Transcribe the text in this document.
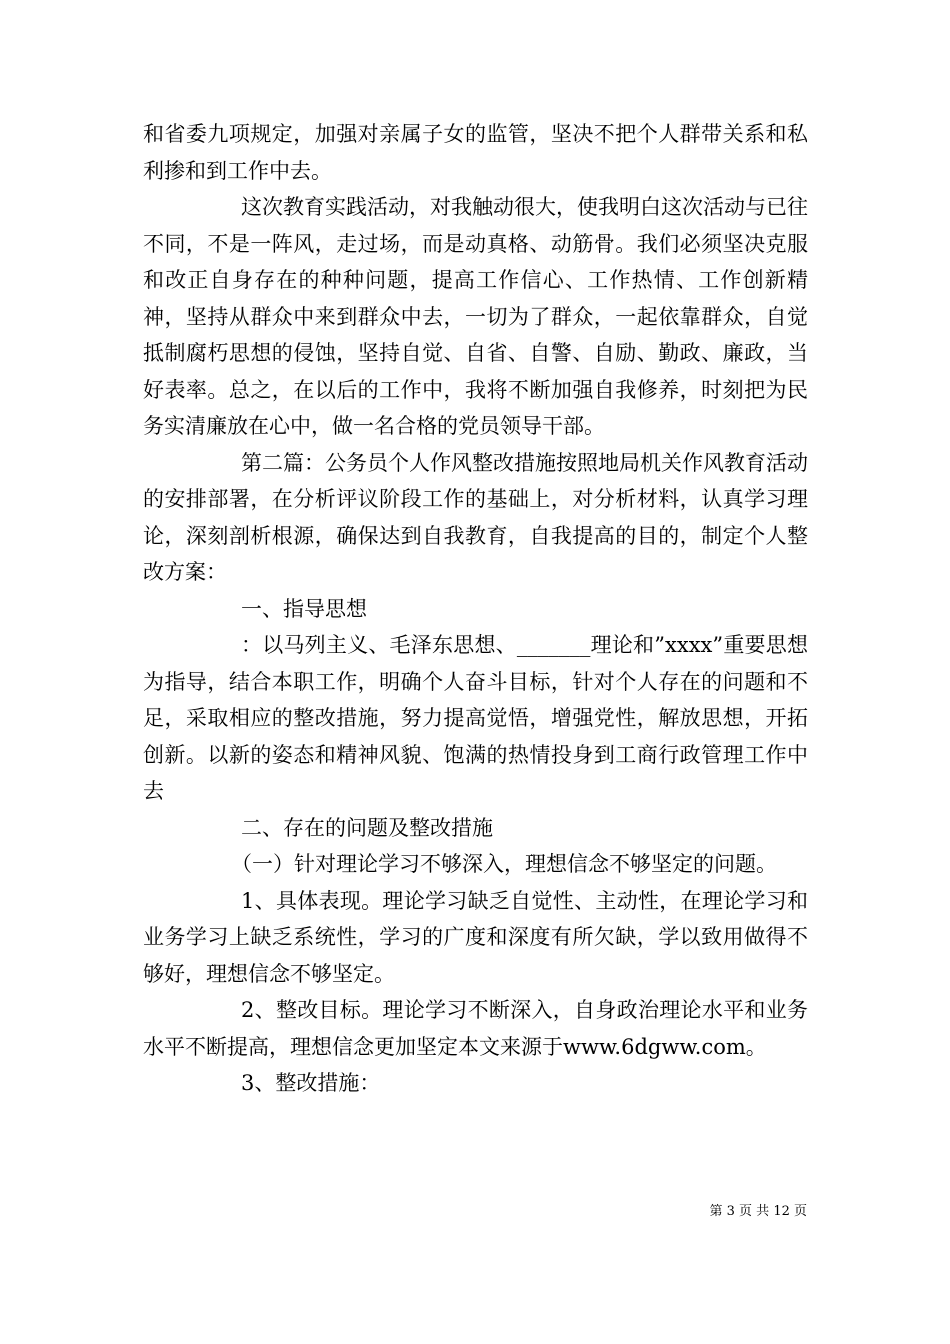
和省委九项规定，加强对亲属子女的监管，坚决不把个人群带关系和私利掺和到工作中去。

这次教育实践活动，对我触动很大，使我明白这次活动与已往不同，不是一阵风，走过场，而是动真格、动筋骨。我们必须坚决克服和改正自身存在的种种问题，提高工作信心、工作热情、工作创新精神，坚持从群众中来到群众中去，一切为了群众，一起依靠群众，自觉抵制腐朽思想的侵蚀，坚持自觉、自省、自警、自励、勤政、廉政，当好表率。总之，在以后的工作中，我将不断加强自我修养，时刻把为民务实清廉放在心中，做一名合格的党员领导干部。

第二篇：公务员个人作风整改措施按照地局机关作风教育活动的安排部署，在分析评议阶段工作的基础上，对分析材料，认真学习理论，深刻剖析根源，确保达到自我教育，自我提高的目的，制定个人整改方案：

一、指导思想

：以马列主义、毛泽东思想、_______理论和”xxxx”重要思想为指导，结合本职工作，明确个人奋斗目标，针对个人存在的问题和不足，采取相应的整改措施，努力提高觉悟，增强党性，解放思想，开拓创新。以新的姿态和精神风貌、饱满的热情投身到工商行政管理工作中去

二、存在的问题及整改措施

（一）针对理论学习不够深入，理想信念不够坚定的问题。

1、具体表现。理论学习缺乏自觉性、主动性，在理论学习和业务学习上缺乏系统性，学习的广度和深度有所欠缺，学以致用做得不够好，理想信念不够坚定。

2、整改目标。理论学习不断深入，自身政治理论水平和业务水平不断提高，理想信念更加坚定本文来源于www.6dgww.com。

3、整改措施：

第 3 页 共 12 页
